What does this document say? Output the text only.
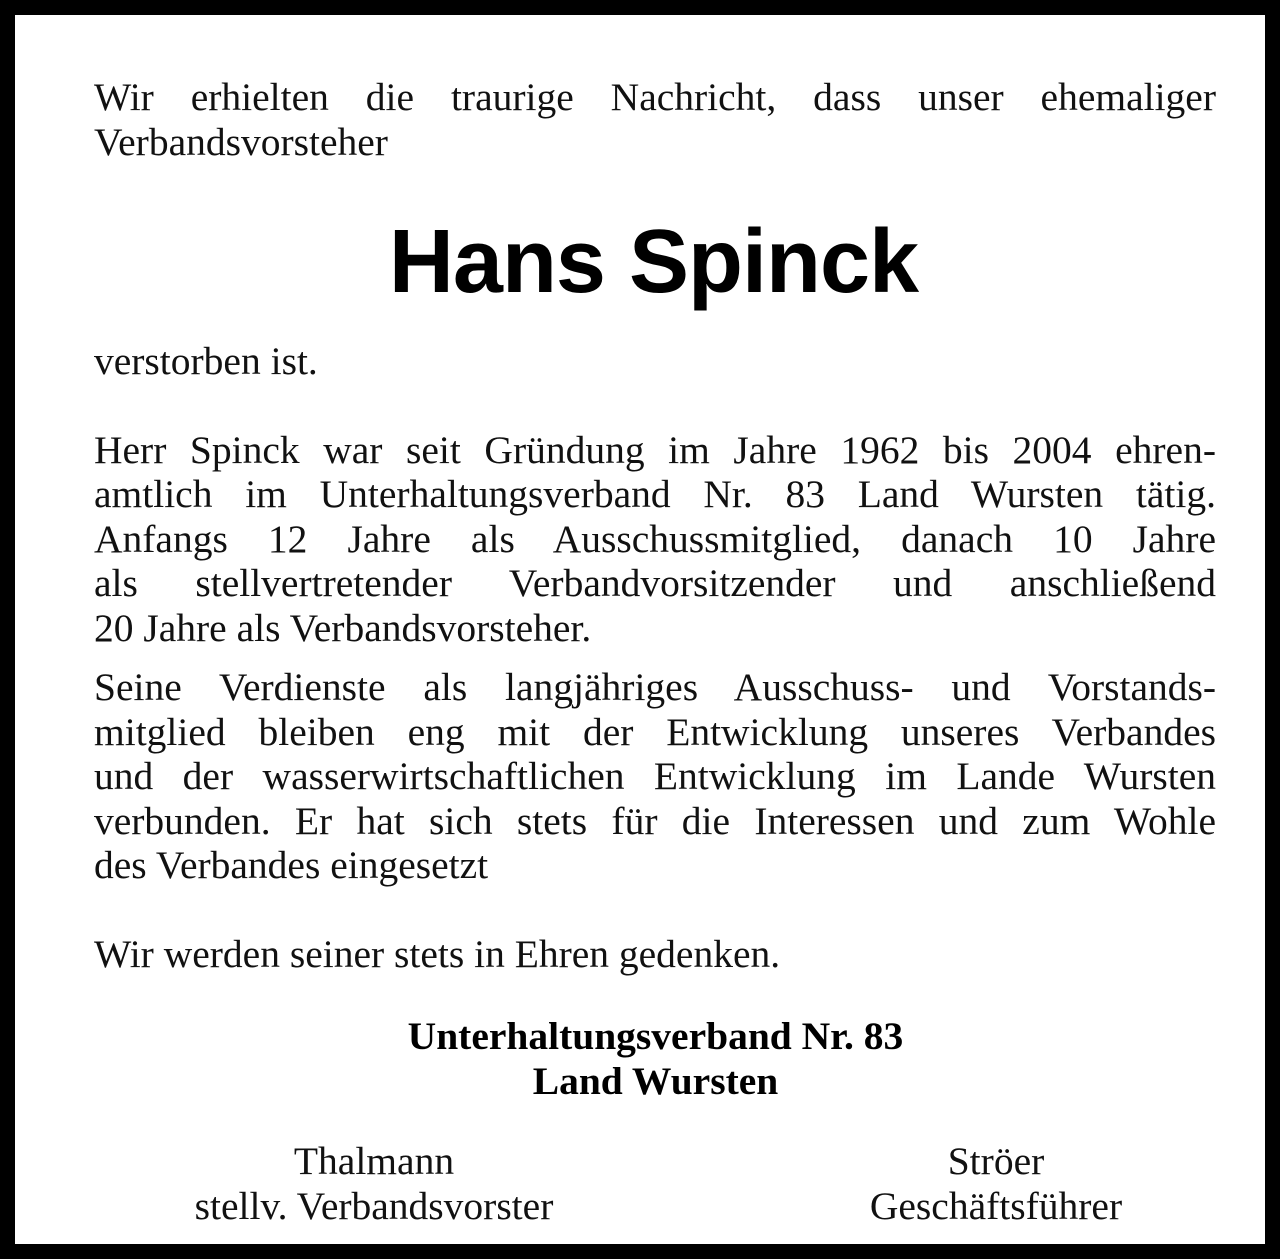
Wir erhielten die traurige Nachricht, dass unser ehemaliger
Verbandsvorsteher
Hans Spinck
verstorben ist.
Herr Spinck war seit Gründung im Jahre 1962 bis 2004 ehren-
amtlich im Unterhaltungsverband Nr. 83 Land Wursten tätig.
Anfangs 12 Jahre als Ausschussmitglied, danach 10 Jahre
als stellvertretender Verbandvorsitzender und anschließend
20 Jahre als Verbandsvorsteher.
Seine Verdienste als langjähriges Ausschuss- und Vorstands-
mitglied bleiben eng mit der Entwicklung unseres Verbandes
und der wasserwirtschaftlichen Entwicklung im Lande Wursten
verbunden. Er hat sich stets für die Interessen und zum Wohle
des Verbandes eingesetzt
Wir werden seiner stets in Ehren gedenken.
Unterhaltungsverband Nr. 83
Land Wursten
Thalmann
stellv. Verbandsvorster
Ströer
Geschäftsführer
